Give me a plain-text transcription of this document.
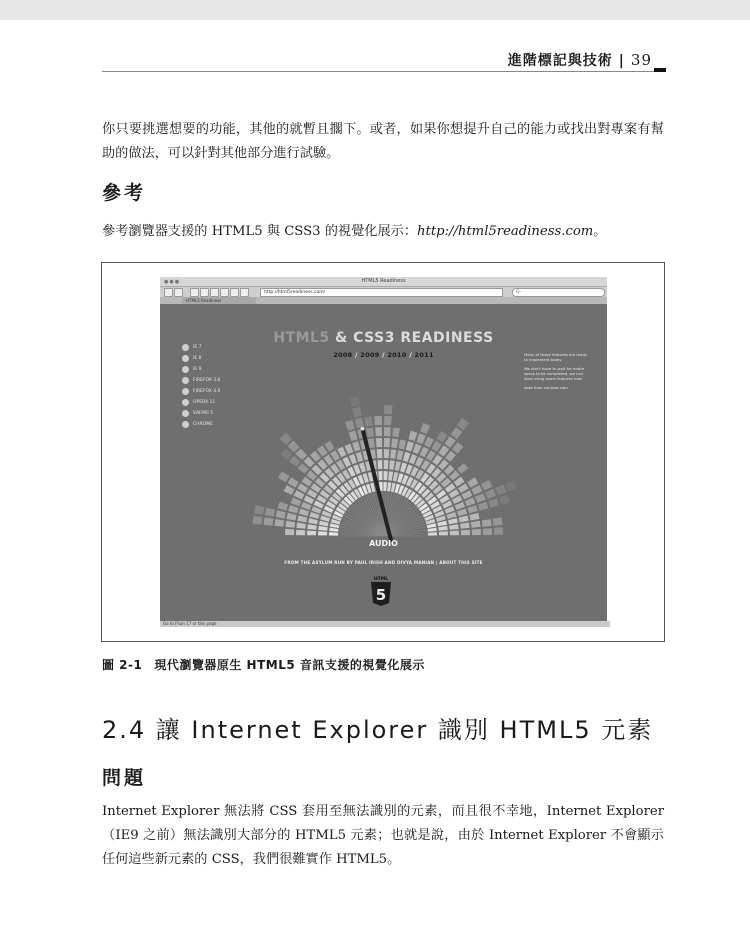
進階標記與技術 | 39
你只要挑選想要的功能，其他的就暫且擱下。或者，如果你想提升自己的能力或找出對專案有幫助的做法，可以針對其他部分進行試驗。
參考
參考瀏覽器支援的 HTML5 與 CSS3 的視覺化展示：http://html5readiness.com。
●●●	HTML5 Readiness
http://html5readiness.com/	Q-
HTML5 Readiness
HTML5 & CSS3 READINESS
2008 / 2009 / 2010 / 2011
IE 7
IE 8
IE 9
FIREFOX 3.6
FIREFOX 4.0
OPERA 11
SAFARI 5
CHROME

Many of these features are ready to implement today.

We don't have to wait for entire specs to be completed, we can start using some features now.

data from caniuse.com

AUDIO
FROM THE ASYLUM RUN BY PAUL IRISH AND DIVYA MANIAN | ABOUT THIS SITE
HTML
5
Go to Fhan 17 or this page
圖 2-1 現代瀏覽器原生 HTML5 音訊支援的視覺化展示
2.4 讓 Internet Explorer 識別 HTML5 元素
問題
Internet Explorer 無法將 CSS 套用至無法識別的元素，而且很不幸地，Internet Explorer（IE9 之前）無法識別大部分的 HTML5 元素；也就是說，由於 Internet Explorer 不會顯示任何這些新元素的 CSS，我們很難實作 HTML5。
